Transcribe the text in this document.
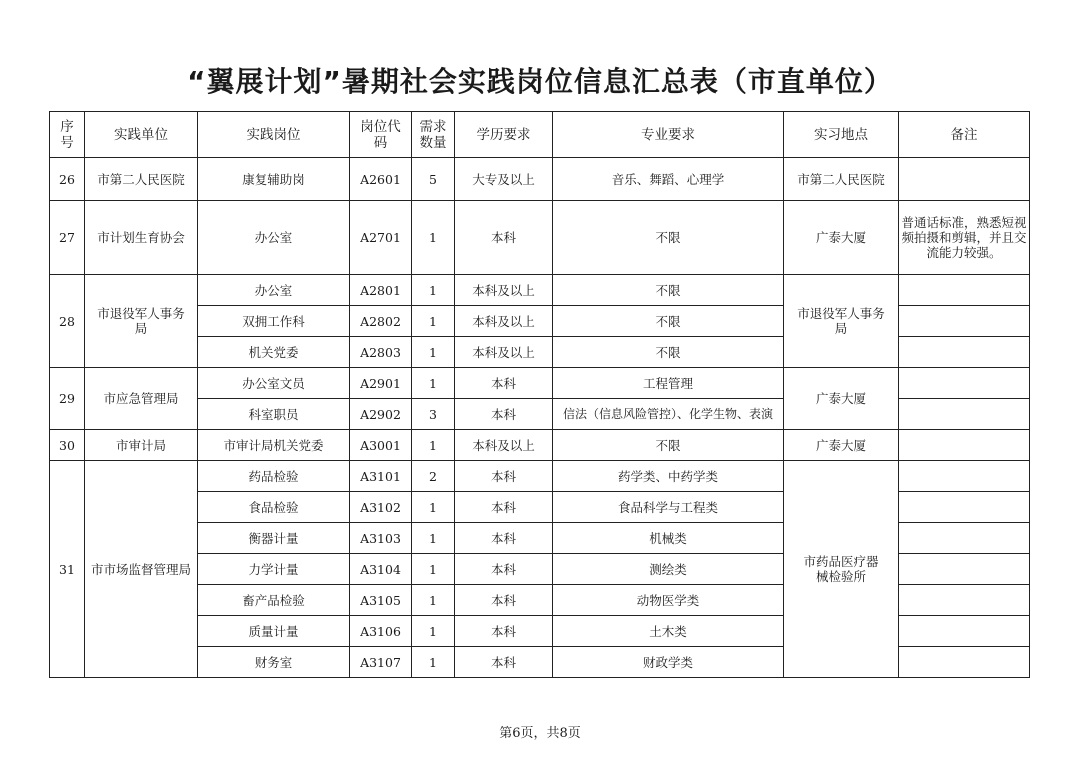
“翼展计划”暑期社会实践岗位信息汇总表（市直单位）
序号	实践单位	实践岗位	岗位代码	需求数量	学历要求	专业要求	实习地点	备注
26	市第二人民医院	康复辅助岗	A2601	5	大专及以上	音乐、舞蹈、心理学	市第二人民医院	
27	市计划生育协会	办公室	A2701	1	本科	不限	广泰大厦	普通话标准，熟悉短视频拍摄和剪辑，并且交流能力较强。
28	市退役军人事务局	办公室	A2801	1	本科及以上	不限	市退役军人事务局	
		双拥工作科	A2802	1	本科及以上	不限		
		机关党委	A2803	1	本科及以上	不限		
29	市应急管理局	办公室文员	A2901	1	本科	工程管理	广泰大厦	
		科室职员	A2902	3	本科	信法（信息风险管控）、化学生物、表演		
30	市审计局	市审计局机关党委	A3001	1	本科及以上	不限	广泰大厦	
31	市市场监督管理局	药品检验	A3101	2	本科	药学类、中药学类	市药品医疗器械检验所	
		食品检验	A3102	1	本科	食品科学与工程类		
		衡器计量	A3103	1	本科	机械类		
		力学计量	A3104	1	本科	测绘类		
		畜产品检验	A3105	1	本科	动物医学类		
		质量计量	A3106	1	本科	土木类		
		财务室	A3107	1	本科	财政学类		
第6页，共8页
